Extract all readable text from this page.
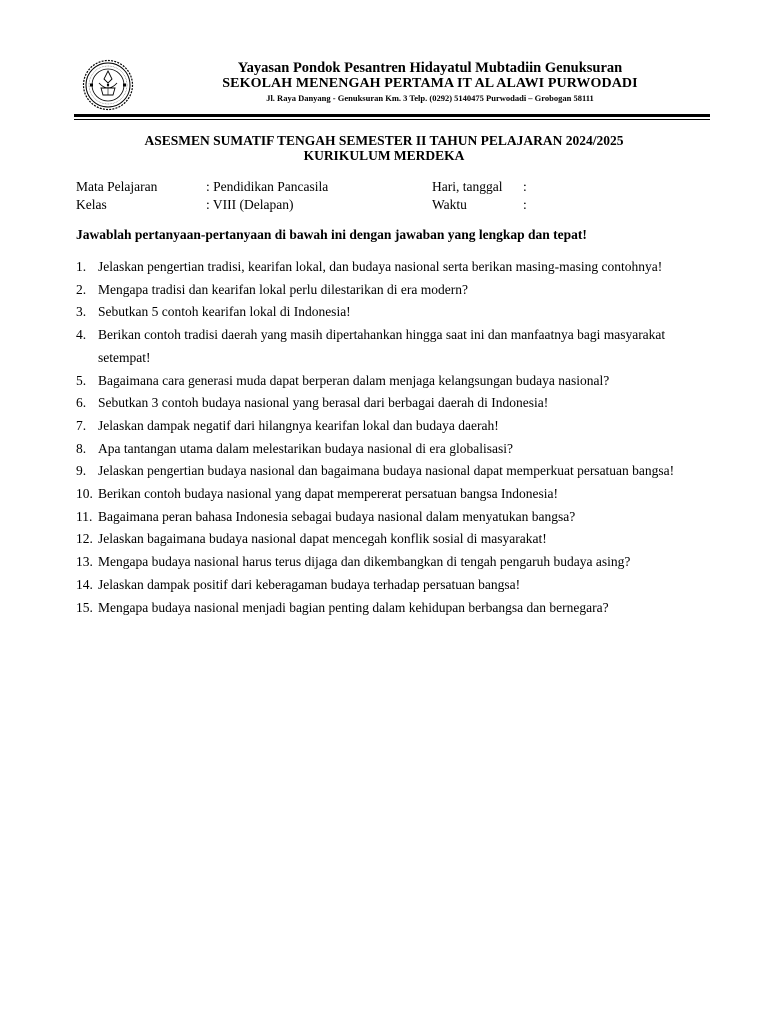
Yayasan Pondok Pesantren Hidayatul Mubtadiin Genuksuran
SEKOLAH MENENGAH PERTAMA IT AL ALAWI PURWODADI
Jl. Raya Danyang - Genuksuran Km. 3 Telp. (0292) 5140475 Purwodadi – Grobogan 58111
ASESMEN SUMATIF TENGAH SEMESTER II TAHUN PELAJARAN 2024/2025
KURIKULUM MERDEKA
Mata Pelajaran	: Pendidikan Pancasila	Hari, tanggal :
Kelas	: VIII (Delapan)	Waktu	:
Jawablah pertanyaan-pertanyaan di bawah ini dengan jawaban yang lengkap dan tepat!
1. Jelaskan pengertian tradisi, kearifan lokal, dan budaya nasional serta berikan masing-masing contohnya!
2. Mengapa tradisi dan kearifan lokal perlu dilestarikan di era modern?
3. Sebutkan 5 contoh kearifan lokal di Indonesia!
4. Berikan contoh tradisi daerah yang masih dipertahankan hingga saat ini dan manfaatnya bagi masyarakat setempat!
5. Bagaimana cara generasi muda dapat berperan dalam menjaga kelangsungan budaya nasional?
6. Sebutkan 3 contoh budaya nasional yang berasal dari berbagai daerah di Indonesia!
7. Jelaskan dampak negatif dari hilangnya kearifan lokal dan budaya daerah!
8. Apa tantangan utama dalam melestarikan budaya nasional di era globalisasi?
9. Jelaskan pengertian budaya nasional dan bagaimana budaya nasional dapat memperkuat persatuan bangsa!
10. Berikan contoh budaya nasional yang dapat mempererat persatuan bangsa Indonesia!
11. Bagaimana peran bahasa Indonesia sebagai budaya nasional dalam menyatukan bangsa?
12. Jelaskan bagaimana budaya nasional dapat mencegah konflik sosial di masyarakat!
13. Mengapa budaya nasional harus terus dijaga dan dikembangkan di tengah pengaruh budaya asing?
14. Jelaskan dampak positif dari keberagaman budaya terhadap persatuan bangsa!
15. Mengapa budaya nasional menjadi bagian penting dalam kehidupan berbangsa dan bernegara?
